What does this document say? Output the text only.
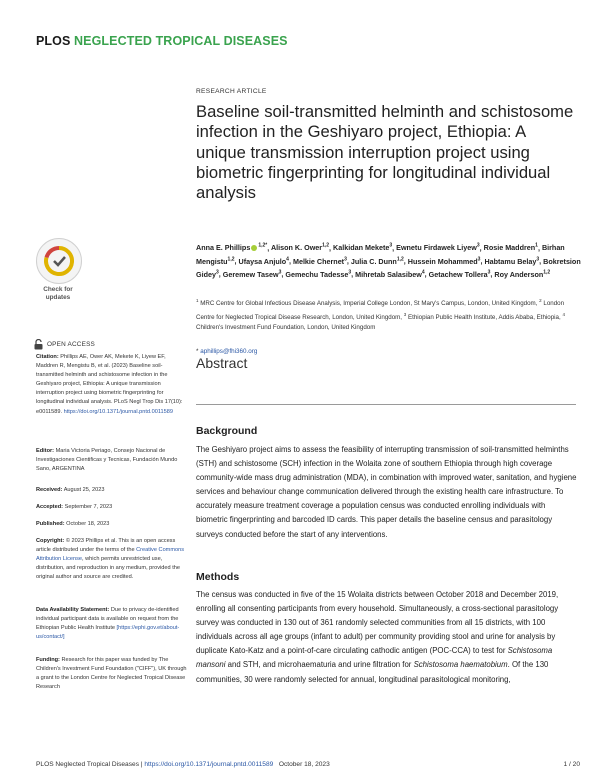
PLOS NEGLECTED TROPICAL DISEASES
RESEARCH ARTICLE
Baseline soil-transmitted helminth and schistosome infection in the Geshiyaro project, Ethiopia: A unique transmission interruption project using biometric fingerprinting for longitudinal individual analysis
Anna E. Phillips $^{1,2*}$, Alison K. Ower$^{1,2}$, Kalkidan Mekete$^3$, Ewnetu Firdawek Liyew$^3$, Rosie Maddren$^1$, Birhan Mengistu$^{1,2}$, Ufaysa Anjulo$^4$, Melkie Chernet$^3$, Julia C. Dunn$^{1,2}$, Hussein Mohammed$^3$, Habtamu Belay$^3$, Bokretsion Gidey$^3$, Geremew Tasew$^3$, Gemechu Tadesse$^3$, Mihretab Salasibew$^4$, Getachew Tollera$^3$, Roy Anderson$^{1,2}$
$^1$ MRC Centre for Global Infectious Disease Analysis, Imperial College London, St Mary's Campus, London, United Kingdom, $^2$ London Centre for Neglected Tropical Disease Research, London, United Kingdom, $^3$ Ethiopian Public Health Institute, Addis Ababa, Ethiopia, $^4$ Children's Investment Fund Foundation, London, United Kingdom
* aphillips@fhi360.org
Abstract
Background
The Geshiyaro project aims to assess the feasibility of interrupting transmission of soil-transmitted helminths (STH) and schistosome (SCH) infection in the Wolaita zone of southern Ethiopia through high coverage community-wide mass drug administration (MDA), in combination with improved water, sanitation, and hygiene services and behaviour change communication delivered through the existing health care infrastructure. To accurately measure treatment coverage a population census was conducted enrolling individuals with biometric fingerprinting and barcoded ID cards. This paper details the baseline census and parasitology surveys conducted before the start of any interventions.
Methods
The census was conducted in five of the 15 Wolaita districts between October 2018 and December 2019, enrolling all consenting participants from every household. Simultaneously, a cross-sectional parasitology survey was conducted in 130 out of 361 randomly selected communities from all 15 districts, with 100 individuals across all age groups (infant to adult) per community providing stool and urine for analysis by duplicate Kato-Katz and a point-of-care circulating cathodic antigen (POC-CCA) to test for Schistosoma mansoni and STH, and microhaematuria and urine filtration for Schistosoma haematobium. Of the 130 communities, 30 were randomly selected for annual, longitudinal parasitological monitoring,
Check for
updates
OPEN ACCESS
Citation: Phillips AE, Ower AK, Mekete K, Liyew EF, Maddren R, Mengistu B, et al. (2023) Baseline soil-transmitted helminth and schistosome infection in the Geshiyaro project, Ethiopia: A unique transmission interruption project using biometric fingerprinting for longitudinal individual analysis. PLoS Negl Trop Dis 17(10): e0011589. https://doi.org/10.1371/journal.pntd.0011589
Editor: Maria Victoria Periago, Consejo Nacional de Investigaciones Cientificas y Tecnicas, Fundación Mundo Sano, ARGENTINA
Received: August 25, 2023
Accepted: September 7, 2023
Published: October 18, 2023
Copyright: © 2023 Phillips et al. This is an open access article distributed under the terms of the Creative Commons Attribution License, which permits unrestricted use, distribution, and reproduction in any medium, provided the original author and source are credited.
Data Availability Statement: Due to privacy de-identified individual participant data is available on request from the Ethiopian Public Health Institute [https://ephi.gov.et/about-us/contact/]
Funding: Research for this paper was funded by The Children's Investment Fund Foundation ("CIFF"), UK through a grant to the London Centre for Neglected Tropical Disease Research
PLOS Neglected Tropical Diseases | https://doi.org/10.1371/journal.pntd.0011589 October 18, 2023	1 / 20
